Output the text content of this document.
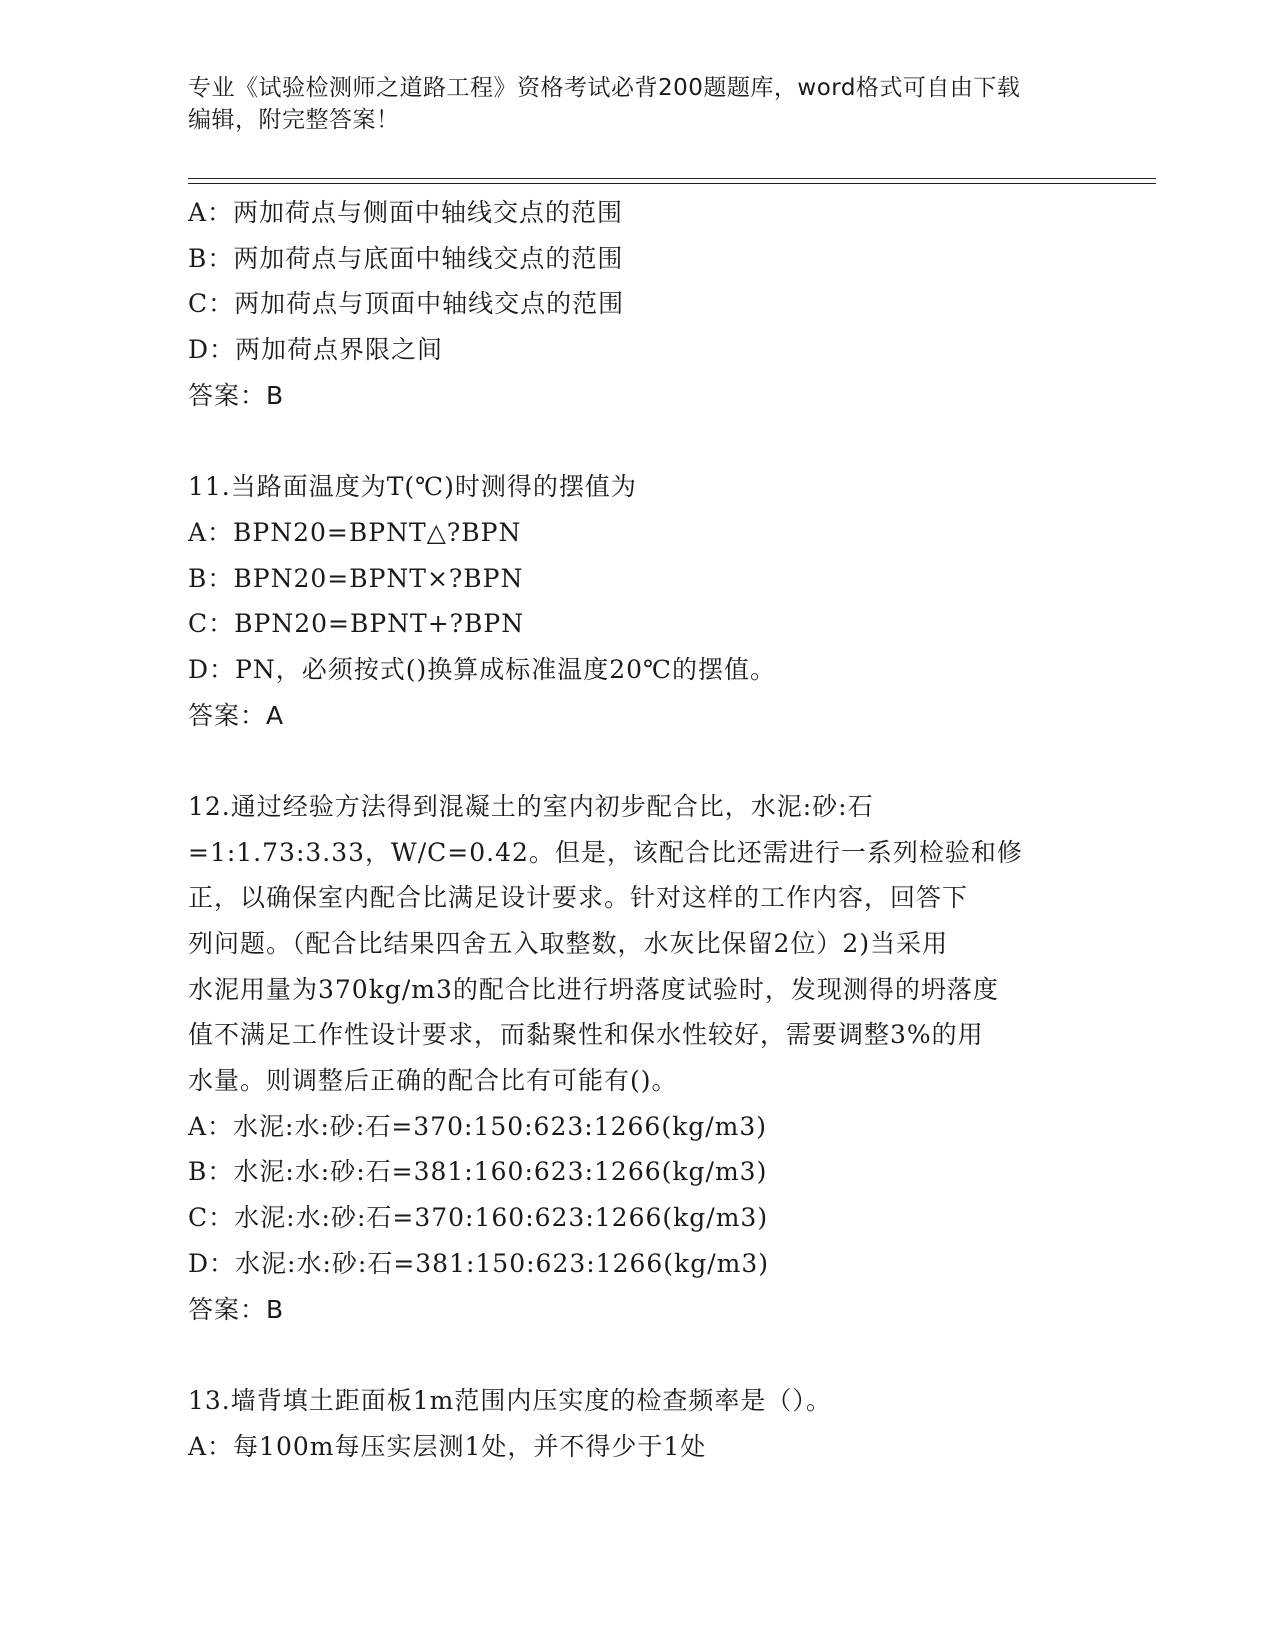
专业《试验检测师之道路工程》资格考试必背200题题库，word格式可自由下载
编辑，附完整答案！
A：两加荷点与侧面中轴线交点的范围
B：两加荷点与底面中轴线交点的范围
C：两加荷点与顶面中轴线交点的范围
D：两加荷点界限之间
答案：B
11.当路面温度为T(℃)时测得的摆值为
A：BPN20=BPNT△?BPN
B：BPN20=BPNT×?BPN
C：BPN20=BPNT+?BPN
D：PN，必须按式()换算成标准温度20℃的摆值。
答案：A
12.通过经验方法得到混凝土的室内初步配合比，水泥:砂:石
=1:1.73:3.33，W/C=0.42。但是，该配合比还需进行一系列检验和修
正，以确保室内配合比满足设计要求。针对这样的工作内容，回答下
列问题。（配合比结果四舍五入取整数，水灰比保留2位）2)当采用
水泥用量为370kg/m3的配合比进行坍落度试验时，发现测得的坍落度
值不满足工作性设计要求，而黏聚性和保水性较好，需要调整3%的用
水量。则调整后正确的配合比有可能有()。
A：水泥:水:砂:石=370:150:623:1266(kg/m3)
B：水泥:水:砂:石=381:160:623:1266(kg/m3)
C：水泥:水:砂:石=370:160:623:1266(kg/m3)
D：水泥:水:砂:石=381:150:623:1266(kg/m3)
答案：B
13.墙背填土距面板1m范围内压实度的检查频率是（）。
A：每100m每压实层测1处，并不得少于1处
